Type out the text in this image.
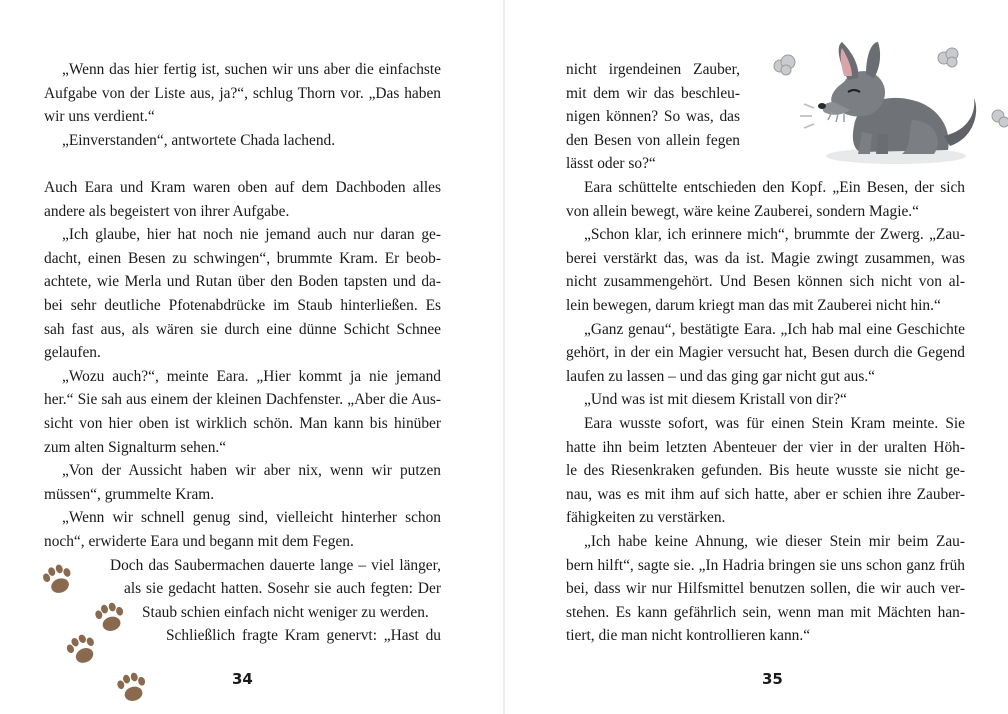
34	35
„Wenn das hier fertig ist, suchen wir uns aber die einfachste
Aufgabe von der Liste aus, ja?“, schlug Thorn vor. „Das haben
wir uns verdient.“
„Einverstanden“, antwortete Chada lachend.
Auch Eara und Kram waren oben auf dem Dachboden alles
andere als begeistert von ihrer Aufgabe.
„Ich glaube, hier hat noch nie jemand auch nur daran ge-
dacht, einen Besen zu schwingen“, brummte Kram. Er beob-
achtete, wie Merla und Rutan über den Boden tapsten und da-
bei sehr deutliche Pfotenabdrücke im Staub hinterließen. Es
sah fast aus, als wären sie durch eine dünne Schicht Schnee
gelaufen.
„Wozu auch?“, meinte Eara. „Hier kommt ja nie jemand
her.“ Sie sah aus einem der kleinen Dachfenster. „Aber die Aus-
sicht von hier oben ist wirklich schön. Man kann bis hinüber
zum alten Signalturm sehen.“
„Von der Aussicht haben wir aber nix, wenn wir putzen
müssen“, grummelte Kram.
„Wenn wir schnell genug sind, vielleicht hinterher schon
noch“, erwiderte Eara und begann mit dem Fegen.
Doch das Saubermachen dauerte lange – viel länger,
als sie gedacht hatten. Sosehr sie auch fegten: Der
Staub schien einfach nicht weniger zu werden.
Schließlich fragte Kram genervt: „Hast du
nicht irgendeinen Zauber,
mit dem wir das beschleu-
nigen können? So was, das
den Besen von allein fegen
lässt oder so?“
Eara schüttelte entschieden den Kopf. „Ein Besen, der sich
von allein bewegt, wäre keine Zauberei, sondern Magie.“
„Schon klar, ich erinnere mich“, brummte der Zwerg. „Zau-
berei verstärkt das, was da ist. Magie zwingt zusammen, was
nicht zusammengehört. Und Besen können sich nicht von al-
lein bewegen, darum kriegt man das mit Zauberei nicht hin.“
„Ganz genau“, bestätigte Eara. „Ich hab mal eine Geschichte
gehört, in der ein Magier versucht hat, Besen durch die Gegend
laufen zu lassen – und das ging gar nicht gut aus.“
„Und was ist mit diesem Kristall von dir?“
Eara wusste sofort, was für einen Stein Kram meinte. Sie
hatte ihn beim letzten Abenteuer der vier in der uralten Höh-
le des Riesenkraken gefunden. Bis heute wusste sie nicht ge-
nau, was es mit ihm auf sich hatte, aber er schien ihre Zauber-
fähigkeiten zu verstärken.
„Ich habe keine Ahnung, wie dieser Stein mir beim Zau-
bern hilft“, sagte sie. „In Hadria bringen sie uns schon ganz früh
bei, dass wir nur Hilfsmittel benutzen sollen, die wir auch ver-
stehen. Es kann gefährlich sein, wenn man mit Mächten han-
tiert, die man nicht kontrollieren kann.“
